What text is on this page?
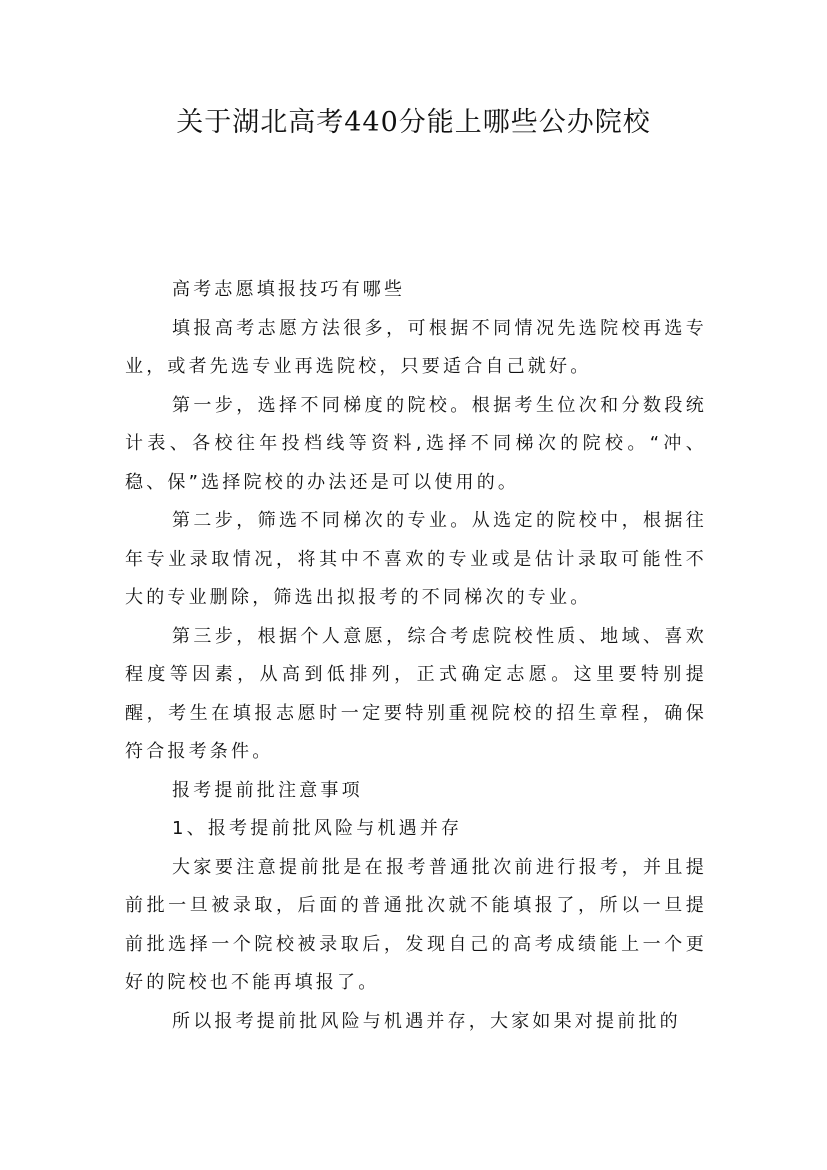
关于湖北高考440分能上哪些公办院校

高考志愿填报技巧有哪些

填报高考志愿方法很多，可根据不同情况先选院校再选专业，或者先选专业再选院校，只要适合自己就好。

第一步，选择不同梯度的院校。根据考生位次和分数段统计表、各校往年投档线等资料,选择不同梯次的院校。“冲、稳、保”选择院校的办法还是可以使用的。

第二步，筛选不同梯次的专业。从选定的院校中，根据往年专业录取情况，将其中不喜欢的专业或是估计录取可能性不大的专业删除，筛选出拟报考的不同梯次的专业。

第三步，根据个人意愿，综合考虑院校性质、地域、喜欢程度等因素，从高到低排列，正式确定志愿。这里要特别提醒，考生在填报志愿时一定要特别重视院校的招生章程，确保符合报考条件。

报考提前批注意事项

1、报考提前批风险与机遇并存

大家要注意提前批是在报考普通批次前进行报考，并且提前批一旦被录取，后面的普通批次就不能填报了，所以一旦提前批选择一个院校被录取后，发现自己的高考成绩能上一个更好的院校也不能再填报了。

所以报考提前批风险与机遇并存，大家如果对提前批的
